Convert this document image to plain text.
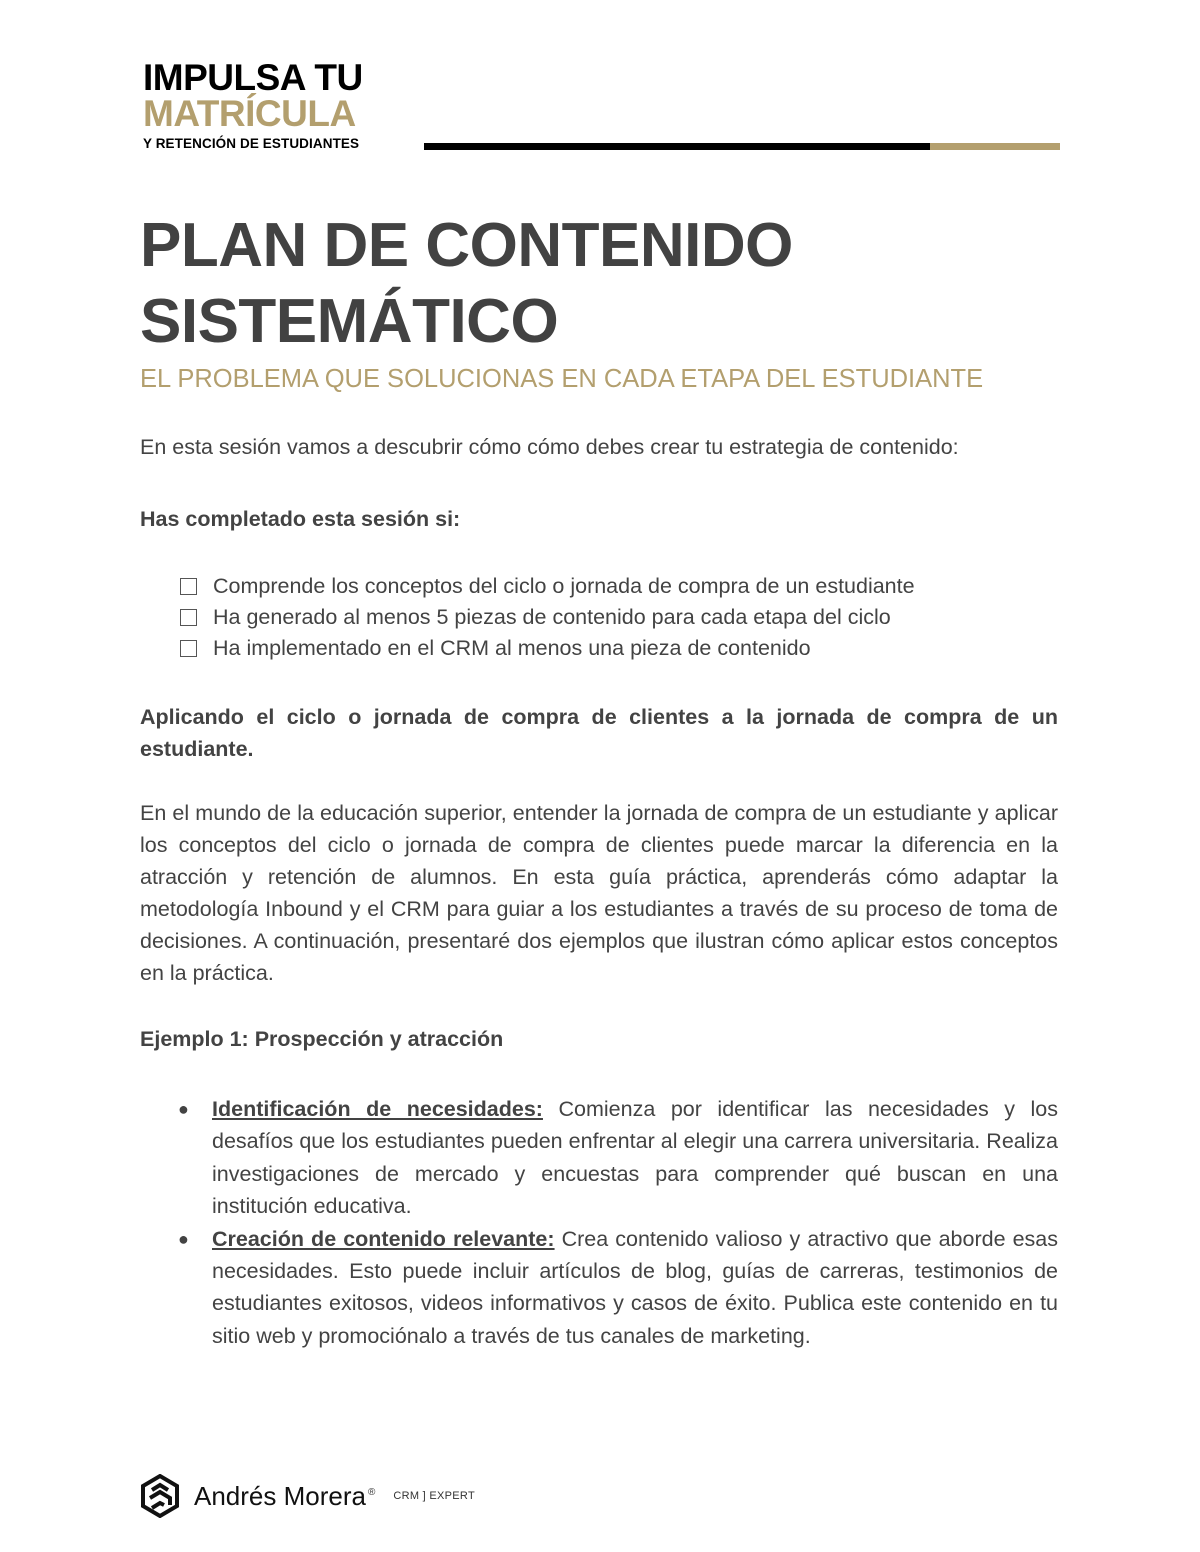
IMPULSA TU
MATRÍCULA
Y RETENCIÓN DE ESTUDIANTES
PLAN DE CONTENIDO SISTEMÁTICO
EL PROBLEMA QUE SOLUCIONAS EN CADA ETAPA DEL ESTUDIANTE

En esta sesión vamos a descubrir cómo cómo debes crear tu estrategia de contenido:

Has completado esta sesión si:

Comprende los conceptos del ciclo o jornada de compra de un estudiante
Ha generado al menos 5 piezas de contenido para cada etapa del ciclo
Ha implementado en el CRM al menos una pieza de contenido

Aplicando el ciclo o jornada de compra de clientes a la jornada de compra de un estudiante.

En el mundo de la educación superior, entender la jornada de compra de un estudiante y aplicar los conceptos del ciclo o jornada de compra de clientes puede marcar la diferencia en la atracción y retención de alumnos. En esta guía práctica, aprenderás cómo adaptar la metodología Inbound y el CRM para guiar a los estudiantes a través de su proceso de toma de decisiones. A continuación, presentaré dos ejemplos que ilustran cómo aplicar estos conceptos en la práctica.

Ejemplo 1: Prospección y atracción

● Identificación de necesidades: Comienza por identificar las necesidades y los desafíos que los estudiantes pueden enfrentar al elegir una carrera universitaria. Realiza investigaciones de mercado y encuestas para comprender qué buscan en una institución educativa.
● Creación de contenido relevante: Crea contenido valioso y atractivo que aborde esas necesidades. Esto puede incluir artículos de blog, guías de carreras, testimonios de estudiantes exitosos, videos informativos y casos de éxito. Publica este contenido en tu sitio web y promociónalo a través de tus canales de marketing.
Andrés Morera ® CRM ] EXPERT
